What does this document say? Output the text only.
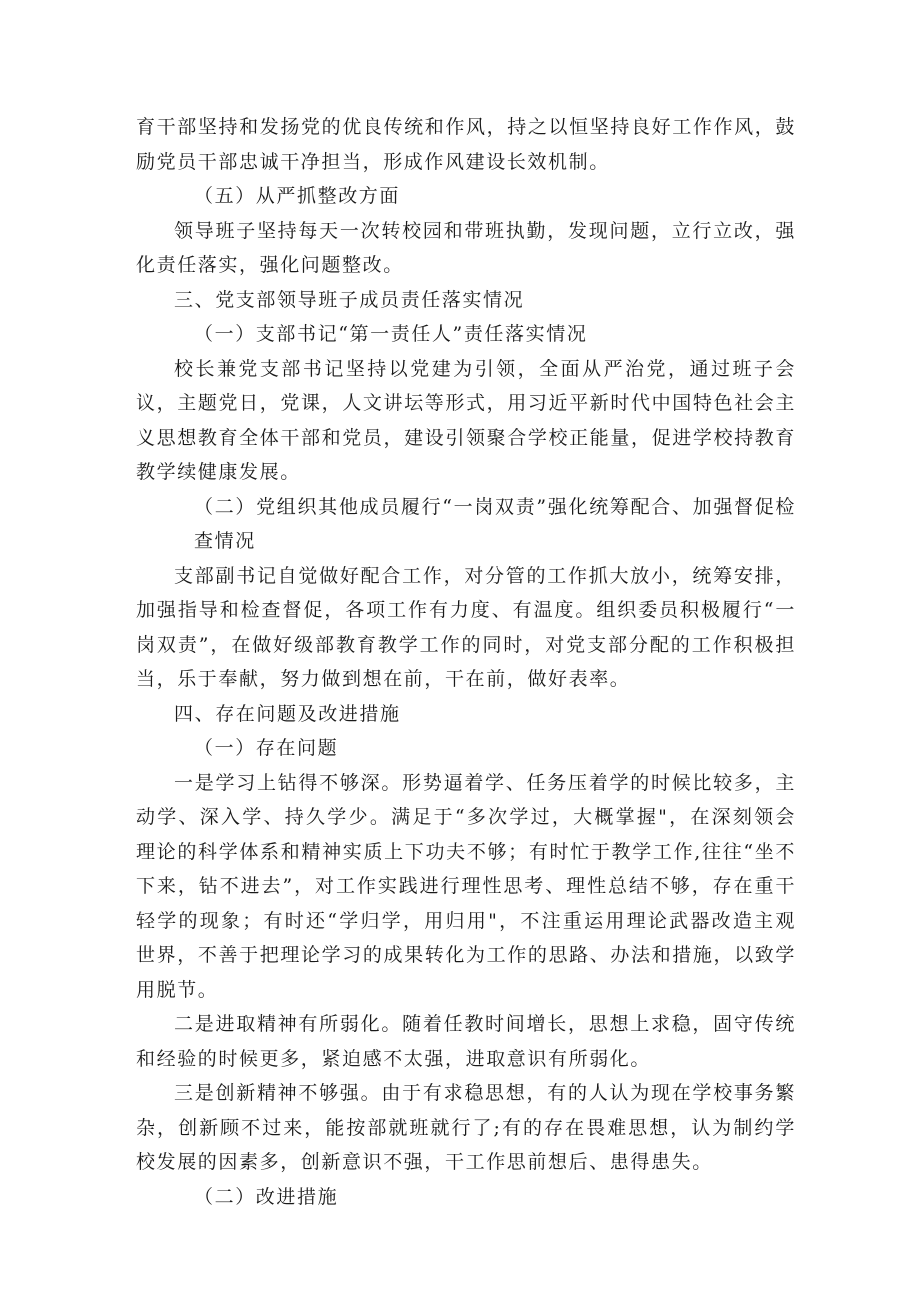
育干部坚持和发扬党的优良传统和作风，持之以恒坚持良好工作作风，鼓励党员干部忠诚干净担当，形成作风建设长效机制。

（五）从严抓整改方面

领导班子坚持每天一次转校园和带班执勤，发现问题，立行立改，强化责任落实，强化问题整改。

三、党支部领导班子成员责任落实情况

（一）支部书记“第一责任人”责任落实情况

校长兼党支部书记坚持以党建为引领，全面从严治党，通过班子会议，主题党日，党课，人文讲坛等形式，用习近平新时代中国特色社会主义思想教育全体干部和党员，建设引领聚合学校正能量，促进学校持教育教学续健康发展。

（二）党组织其他成员履行“一岗双责”强化统筹配合、加强督促检查情况

支部副书记自觉做好配合工作，对分管的工作抓大放小，统筹安排，加强指导和检查督促，各项工作有力度、有温度。组织委员积极履行“一岗双责”，在做好级部教育教学工作的同时，对党支部分配的工作积极担当，乐于奉献，努力做到想在前，干在前，做好表率。

四、存在问题及改进措施

（一）存在问题

一是学习上钻得不够深。形势逼着学、任务压着学的时候比较多，主动学、深入学、持久学少。满足于“多次学过，大概掌握"，在深刻领会理论的科学体系和精神实质上下功夫不够；有时忙于教学工作,往往“坐不下来，钻不进去”，对工作实践进行理性思考、理性总结不够，存在重干轻学的现象；有时还“学归学，用归用"，不注重运用理论武器改造主观世界，不善于把理论学习的成果转化为工作的思路、办法和措施，以致学用脱节。

二是进取精神有所弱化。随着任教时间增长，思想上求稳，固守传统和经验的时候更多，紧迫感不太强，进取意识有所弱化。

三是创新精神不够强。由于有求稳思想，有的人认为现在学校事务繁杂，创新顾不过来，能按部就班就行了;有的存在畏难思想，认为制约学校发展的因素多，创新意识不强，干工作思前想后、患得患失。

（二）改进措施
